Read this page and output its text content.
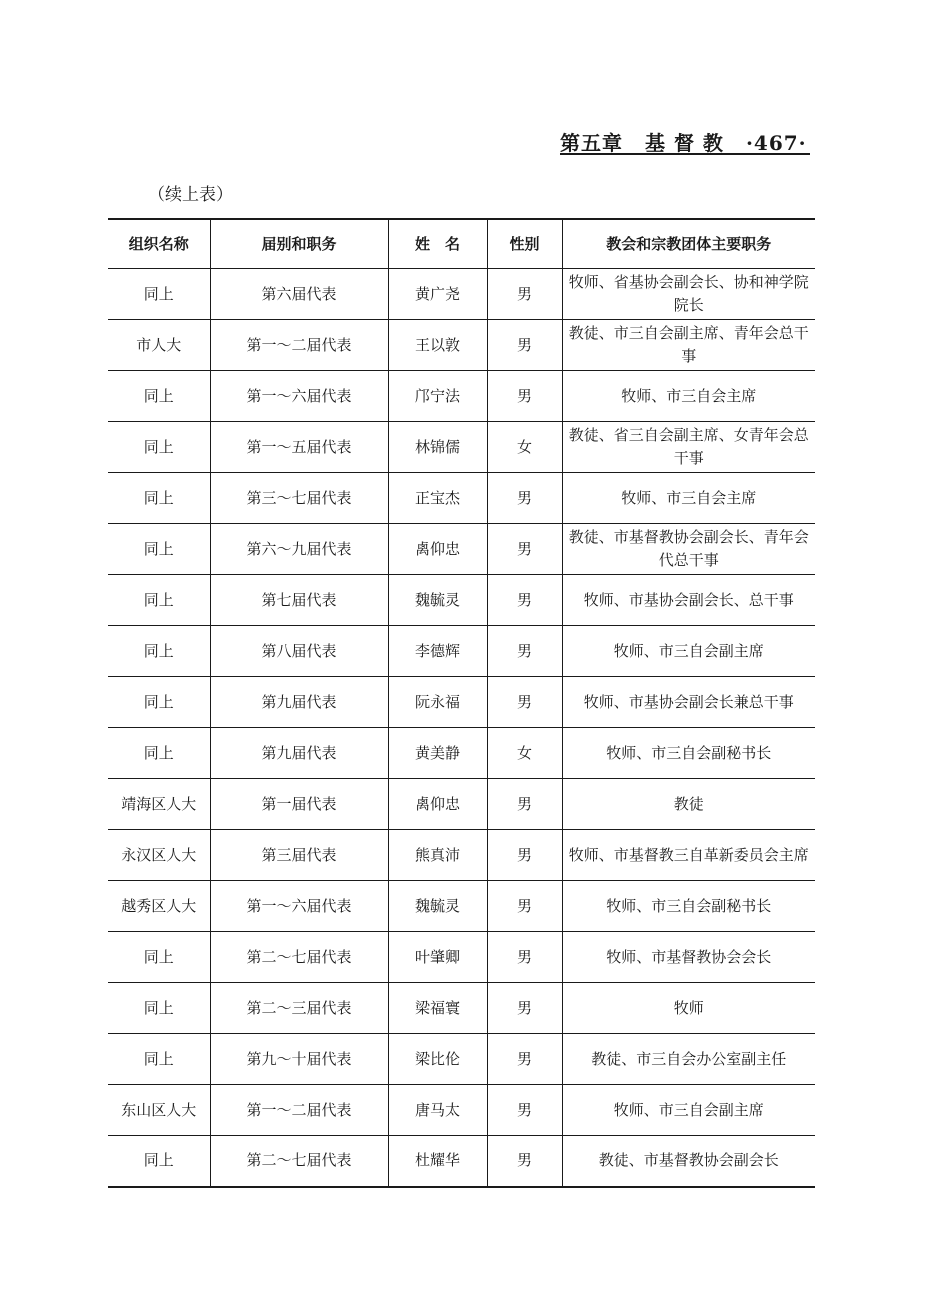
第五章 基 督 教 ·467·
（续上表）
组织名称	届别和职务	姓　名	性别	教会和宗教团体主要职务
同上	第六届代表	黄广尧	男	牧师、省基协会副会长、协和神学院院长
市人大	第一～二届代表	王以敦	男	教徒、市三自会副主席、青年会总干事
同上	第一～六届代表	邝宁法	男	牧师、市三自会主席
同上	第一～五届代表	林锦儒	女	教徒、省三自会副主席、女青年会总干事
同上	第三～七届代表	正宝杰	男	牧师、市三自会主席
同上	第六～九届代表	禼仰忠	男	教徒、市基督教协会副会长、青年会代总干事
同上	第七届代表	魏毓灵	男	牧师、市基协会副会长、总干事
同上	第八届代表	李德辉	男	牧师、市三自会副主席
同上	第九届代表	阮永福	男	牧师、市基协会副会长兼总干事
同上	第九届代表	黄美静	女	牧师、市三自会副秘书长
靖海区人大	第一届代表	禼仰忠	男	教徒
永汉区人大	第三届代表	熊真沛	男	牧师、市基督教三自革新委员会主席
越秀区人大	第一～六届代表	魏毓灵	男	牧师、市三自会副秘书长
同上	第二～七届代表	叶肇卿	男	牧师、市基督教协会会长
同上	第二～三届代表	梁福寰	男	牧师
同上	第九～十届代表	梁比伦	男	教徒、市三自会办公室副主任
东山区人大	第一～二届代表	唐马太	男	牧师、市三自会副主席
同上	第二～七届代表	杜耀华	男	教徒、市基督教协会副会长
